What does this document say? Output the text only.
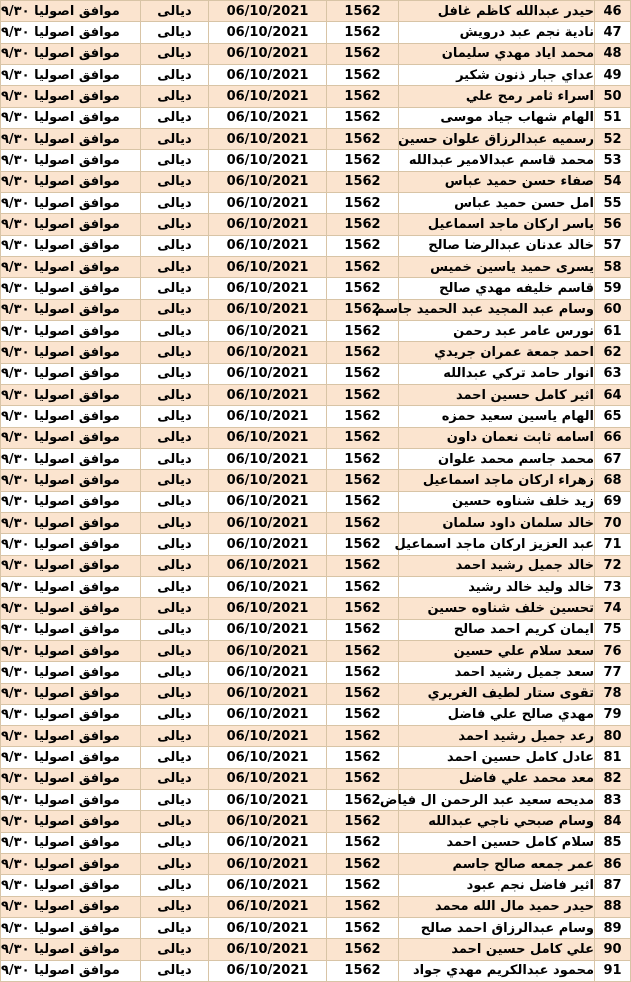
موافق اصوليا ٩/٣٠	ديالى	06/10/2021	1562	حيدر عبدالله كاظم غافل	46
موافق اصوليا ٩/٣٠	ديالى	06/10/2021	1562	نادية نجم عبد درويش	47
موافق اصوليا ٩/٣٠	ديالى	06/10/2021	1562	محمد اياد مهدي سليمان	48
موافق اصوليا ٩/٣٠	ديالى	06/10/2021	1562	عداي جبار ذنون شكير	49
موافق اصوليا ٩/٣٠	ديالى	06/10/2021	1562	اسراء ثامر رمح علي	50
موافق اصوليا ٩/٣٠	ديالى	06/10/2021	1562	الهام شهاب جياد موسى	51
موافق اصوليا ٩/٣٠	ديالى	06/10/2021	1562	رسميه عبدالرزاق علوان حسين	52
موافق اصوليا ٩/٣٠	ديالى	06/10/2021	1562	محمد قاسم عبدالامير عبدالله	53
موافق اصوليا ٩/٣٠	ديالى	06/10/2021	1562	صفاء حسن حميد عباس	54
موافق اصوليا ٩/٣٠	ديالى	06/10/2021	1562	امل حسن حميد عباس	55
موافق اصوليا ٩/٣٠	ديالى	06/10/2021	1562	ياسر اركان ماجد اسماعيل	56
موافق اصوليا ٩/٣٠	ديالى	06/10/2021	1562	خالد عدنان عبدالرضا صالح	57
موافق اصوليا ٩/٣٠	ديالى	06/10/2021	1562	يسرى حميد ياسين خميس	58
موافق اصوليا ٩/٣٠	ديالى	06/10/2021	1562	قاسم خليفه مهدي صالح	59
موافق اصوليا ٩/٣٠	ديالى	06/10/2021	1562	وسام عبد المجيد عبد الحميد جاسم	60
موافق اصوليا ٩/٣٠	ديالى	06/10/2021	1562	نورس عامر عبد رحمن	61
موافق اصوليا ٩/٣٠	ديالى	06/10/2021	1562	احمد جمعة عمران جريدي	62
موافق اصوليا ٩/٣٠	ديالى	06/10/2021	1562	انوار حامد تركي عبدالله	63
موافق اصوليا ٩/٣٠	ديالى	06/10/2021	1562	اثير كامل حسين احمد	64
موافق اصوليا ٩/٣٠	ديالى	06/10/2021	1562	الهام ياسين سعيد حمزه	65
موافق اصوليا ٩/٣٠	ديالى	06/10/2021	1562	اسامه ثابت نعمان داون	66
موافق اصوليا ٩/٣٠	ديالى	06/10/2021	1562	محمد جاسم محمد علوان	67
موافق اصوليا ٩/٣٠	ديالى	06/10/2021	1562	زهراء اركان ماجد اسماعيل	68
موافق اصوليا ٩/٣٠	ديالى	06/10/2021	1562	زيد خلف شناوه حسين	69
موافق اصوليا ٩/٣٠	ديالى	06/10/2021	1562	خالد سلمان داود سلمان	70
موافق اصوليا ٩/٣٠	ديالى	06/10/2021	1562	عبد العزيز اركان ماجد اسماعيل	71
موافق اصوليا ٩/٣٠	ديالى	06/10/2021	1562	خالد جميل رشيد احمد	72
موافق اصوليا ٩/٣٠	ديالى	06/10/2021	1562	خالد وليد خالد رشيد	73
موافق اصوليا ٩/٣٠	ديالى	06/10/2021	1562	تحسين خلف شناوه حسين	74
موافق اصوليا ٩/٣٠	ديالى	06/10/2021	1562	ايمان كريم احمد صالح	75
موافق اصوليا ٩/٣٠	ديالى	06/10/2021	1562	سعد سلام علي حسين	76
موافق اصوليا ٩/٣٠	ديالى	06/10/2021	1562	سعد جميل رشيد احمد	77
موافق اصوليا ٩/٣٠	ديالى	06/10/2021	1562	تقوى ستار لطيف الغريري	78
موافق اصوليا ٩/٣٠	ديالى	06/10/2021	1562	مهدي صالح علي فاضل	79
موافق اصوليا ٩/٣٠	ديالى	06/10/2021	1562	رعد جميل رشيد احمد	80
موافق اصوليا ٩/٣٠	ديالى	06/10/2021	1562	عادل كامل حسين احمد	81
موافق اصوليا ٩/٣٠	ديالى	06/10/2021	1562	معد محمد علي فاضل	82
موافق اصوليا ٩/٣٠	ديالى	06/10/2021	1562	مديحه سعيد عبد الرحمن ال فياض	83
موافق اصوليا ٩/٣٠	ديالى	06/10/2021	1562	وسام صبحي ناجي عبدالله	84
موافق اصوليا ٩/٣٠	ديالى	06/10/2021	1562	سلام كامل حسين احمد	85
موافق اصوليا ٩/٣٠	ديالى	06/10/2021	1562	عمر جمعه صالح جاسم	86
موافق اصوليا ٩/٣٠	ديالى	06/10/2021	1562	اثير فاضل نجم عبود	87
موافق اصوليا ٩/٣٠	ديالى	06/10/2021	1562	حيدر حميد مال الله محمد	88
موافق اصوليا ٩/٣٠	ديالى	06/10/2021	1562	وسام عبدالرزاق احمد صالح	89
موافق اصوليا ٩/٣٠	ديالى	06/10/2021	1562	علي كامل حسين احمد	90
موافق اصوليا ٩/٣٠	ديالى	06/10/2021	1562	محمود عبدالكريم مهدي جواد	91
